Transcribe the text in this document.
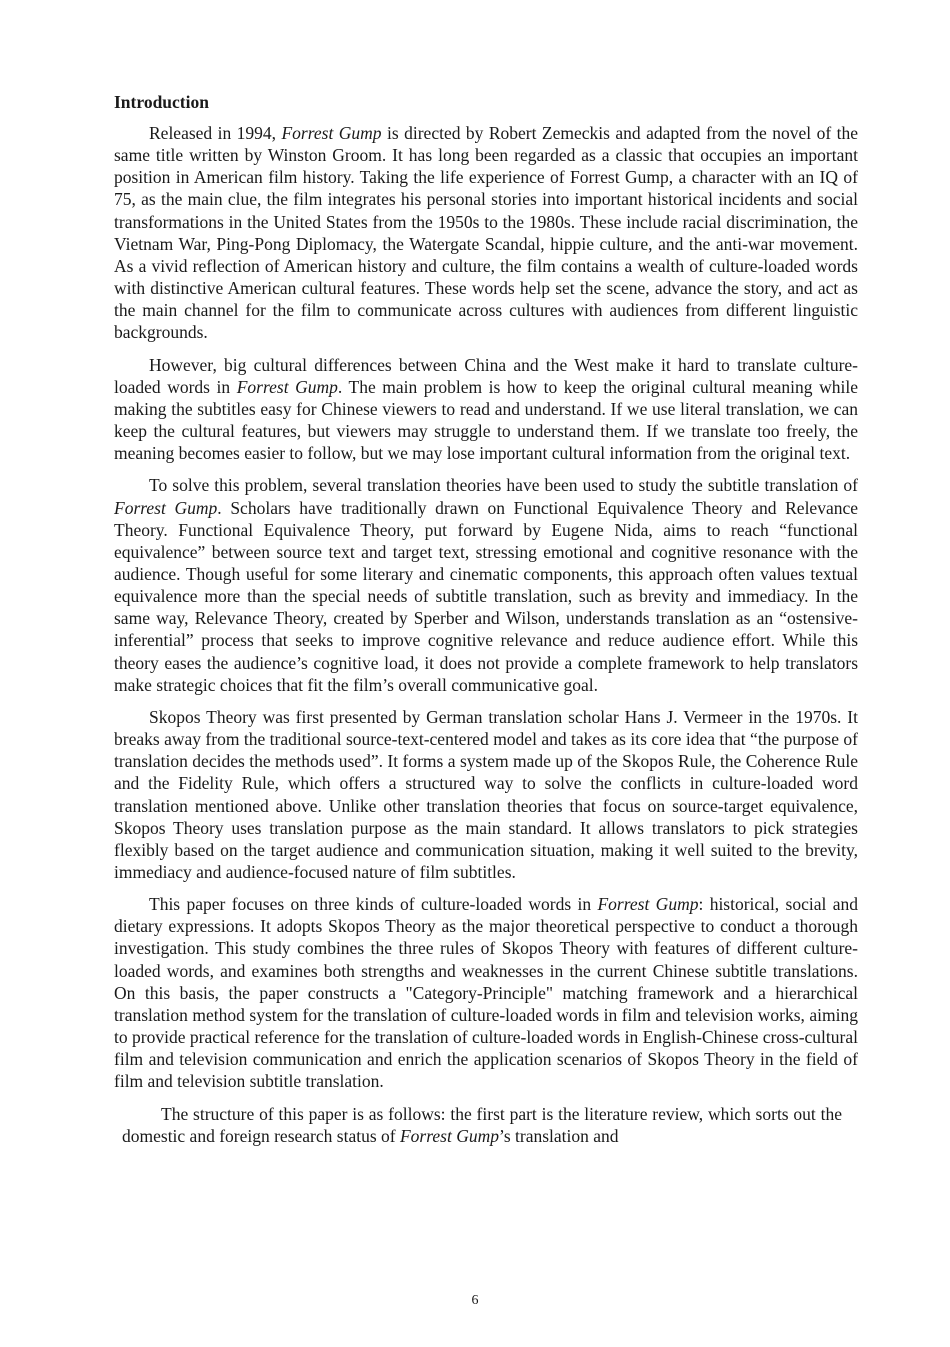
Introduction

Released in 1994, Forrest Gump is directed by Robert Zemeckis and adapted from the novel of the same title written by Winston Groom. It has long been regarded as a classic that occupies an important position in American film history. Taking the life experience of Forrest Gump, a character with an IQ of 75, as the main clue, the film integrates his personal stories into important historical incidents and social transformations in the United States from the 1950s to the 1980s. These include racial discrimination, the Vietnam War, Ping-Pong Diplomacy, the Watergate Scandal, hippie culture, and the anti-war movement. As a vivid reflection of American history and culture, the film contains a wealth of culture-loaded words with distinctive American cultural features. These words help set the scene, advance the story, and act as the main channel for the film to communicate across cultures with audiences from different linguistic backgrounds.

However, big cultural differences between China and the West make it hard to translate culture-loaded words in Forrest Gump. The main problem is how to keep the original cultural meaning while making the subtitles easy for Chinese viewers to read and understand. If we use literal translation, we can keep the cultural features, but viewers may struggle to understand them. If we translate too freely, the meaning becomes easier to follow, but we may lose important cultural information from the original text.

To solve this problem, several translation theories have been used to study the subtitle translation of Forrest Gump. Scholars have traditionally drawn on Functional Equivalence Theory and Relevance Theory. Functional Equivalence Theory, put forward by Eugene Nida, aims to reach “functional equivalence” between source text and target text, stressing emotional and cognitive resonance with the audience. Though useful for some literary and cinematic components, this approach often values textual equivalence more than the special needs of subtitle translation, such as brevity and immediacy. In the same way, Relevance Theory, created by Sperber and Wilson, understands translation as an “ostensive-inferential” process that seeks to improve cognitive relevance and reduce audience effort. While this theory eases the audience’s cognitive load, it does not provide a complete framework to help translators make strategic choices that fit the film’s overall communicative goal.

Skopos Theory was first presented by German translation scholar Hans J. Vermeer in the 1970s. It breaks away from the traditional source-text-centered model and takes as its core idea that “the purpose of translation decides the methods used”. It forms a system made up of the Skopos Rule, the Coherence Rule and the Fidelity Rule, which offers a structured way to solve the conflicts in culture-loaded word translation mentioned above. Unlike other translation theories that focus on source-target equivalence, Skopos Theory uses translation purpose as the main standard. It allows translators to pick strategies flexibly based on the target audience and communication situation, making it well suited to the brevity, immediacy and audience-focused nature of film subtitles.

This paper focuses on three kinds of culture-loaded words in Forrest Gump: historical, social and dietary expressions. It adopts Skopos Theory as the major theoretical perspective to conduct a thorough investigation. This study combines the three rules of Skopos Theory with features of different culture-loaded words, and examines both strengths and weaknesses in the current Chinese subtitle translations. On this basis, the paper constructs a "Category-Principle" matching framework and a hierarchical translation method system for the translation of culture-loaded words in film and television works, aiming to provide practical reference for the translation of culture-loaded words in English-Chinese cross-cultural film and television communication and enrich the application scenarios of Skopos Theory in the field of film and television subtitle translation.

The structure of this paper is as follows: the first part is the literature review, which sorts out the domestic and foreign research status of Forrest Gump’s translation and

6
